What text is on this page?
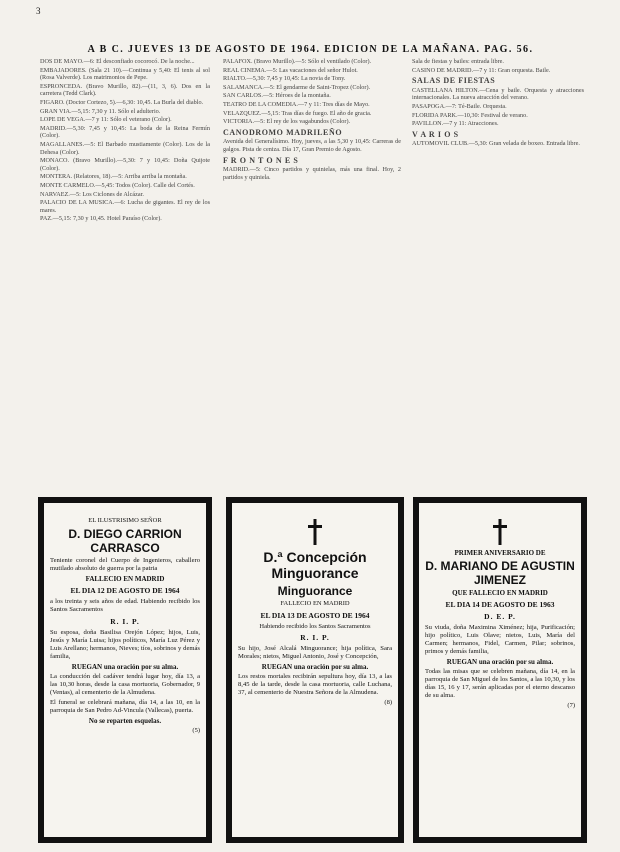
A B C. JUEVES 13 DE AGOSTO DE 1964. EDICION DE LA MAÑANA. PAG. 56.
3

DOS DE MAYO.—6: El desconfiado cocorocó. De la noche...

EMBAJADORES. (Sala 21 10).—Continua y 5,40: El tenis al sol (Rosa Valverde). Los matrimonios de Pepe.

ESPRONCEDA. (Bravo Murillo, 82).—(11, 3, 6). Dos en la carretera (Tedd Clark).

FIGARO. (Doctor Cortezo, 5).—6,30: 10,45. La Burla del diablo.

GRAN VIA.—5,15: 7,30 y 11. Sólo el adulterio.

LOPE DE VEGA.—7 y 11: Sólo el veterano (Color).

MADRID.—5,30: 7,45 y 10,45: La boda de la Reina Fermín (Color).

MAGALLANES.—5: El Barbado mustiamente (Color). Los de la Dehesa (Color).

MONACO. (Bravo Murillo).—5,30: 7 y 10,45: Doña Quijote (Color).

MONTERA. (Relatores, 18).—5: Arriba arriba la montaña.

MONTE CARMELO.—5,45: Todos (Color). Calle del Cortés.

NARVAEZ.—5: Los Ciclones de Alcázar.

PALACIO DE LA MUSICA.—6: Lucha de gigantes. El rey de los mares.

PAZ.—5,15: 7,30 y 10,45. Hotel Paraíso (Color).

PALAFOX. (Bravo Murillo).—5: Sólo el ventilado (Color).

REAL CINEMA.—5: Las vacaciones del señor Hulot.

RIALTO.—5,30: 7,45 y 10,45: La novia de Tony.

SALAMANCA.—5: El gendarme de Saint-Tropez (Color).

SAN CARLOS.—5: Héroes de la montaña.

TEATRO DE LA COMEDIA.—7 y 11: Tres días de Mayo.

VELAZQUEZ.—5,15: Tras días de fuego. El año de gracia.

VICTORIA.—5: El rey de los vagabundos (Color).

CANODROMO MADRILEÑO

Avenida del Generalísimo. Hoy, jueves, a las 5,30 y 10,45: Carreras de galgos. Pista de ceniza. Día 17, Gran Premio de Agosto.

F R O N T O N E S

MADRID.—5: Cinco partidos y quinielas, más una final. Hoy, 2 partidos y quiniela.

Sala de fiestas y bailes: entrada libre.

CASINO DE MADRID.—7 y 11: Gran orquesta. Baile.

SALAS DE FIESTAS

CASTELLANA HILTON.—Cena y baile. Orquesta y atracciones internacionales. La nueva atracción del verano.

PASAPOGA.—7: Té-Baile. Orquesta.

FLORIDA PARK.—10,30: Festival de verano.

PAVILLON.—7 y 11: Atracciones.

V A R I O S

AUTOMOVIL CLUB.—5,30: Gran velada de boxeo. Entrada libre.

EL ILUSTRISIMO SEÑOR
D. DIEGO CARRION CARRASCO
Teniente coronel del Cuerpo de Ingenieros, caballero mutilado absoluto de guerra por la patria
FALLECIO EN MADRID
EL DIA 12 DE AGOSTO DE 1964
a los treinta y seis años de edad. Habiendo recibido los Santos Sacramentos
R. I. P.
Su esposa, doña Basilisa Orejón López; hijos, Luis, Jesús y María Luisa; hijos políticos, María Luz Pérez y Luis Arellano; hermanos, Nieves; tíos, sobrinos y demás familia,
RUEGAN una oración por su alma.
La conducción del cadáver tendrá lugar hoy, día 13, a las 10,30 horas, desde la casa mortuoria, Gobernador, 9 (Ventas), al cementerio de la Almudena.
El funeral se celebrará mañana, día 14, a las 10, en la parroquia de San Pedro Ad-Vincula (Vallecas), puerta.
No se reparten esquelas.
(5)
D.ª Concepción Minguorance
Minguorance
FALLECIO EN MADRID
EL DIA 13 DE AGOSTO DE 1964
Habiendo recibido los Santos Sacramentos
R. I. P.
Su hijo, José Alcalá Minguorance; hija política, Sara Morales; nietos, Miguel Antonio, José y Concepción,
RUEGAN una oración por su alma.
Los restos mortales recibirán sepultura hoy, día 13, a las 8,45 de la tarde, desde la casa mortuoria, calle Luchana, 37, al cementerio de Nuestra Señora de la Almudena.
(8)
PRIMER ANIVERSARIO DE
D. MARIANO DE AGUSTIN JIMENEZ
QUE FALLECIO EN MADRID
EL DIA 14 DE AGOSTO DE 1963
D. E. P.
Su viuda, doña Maximina Ximénez; hija, Purificación; hijo político, Luis Olave; nietos, Luis, María del Carmen; hermanos, Fidel, Carmen, Pilar; sobrinos, primos y demás familia,
RUEGAN una oración por su alma.
Todas las misas que se celebren mañana, día 14, en la parroquia de San Miguel de los Santos, a las 10,30, y los días 15, 16 y 17, serán aplicadas por el eterno descanso de su alma.
(7)
